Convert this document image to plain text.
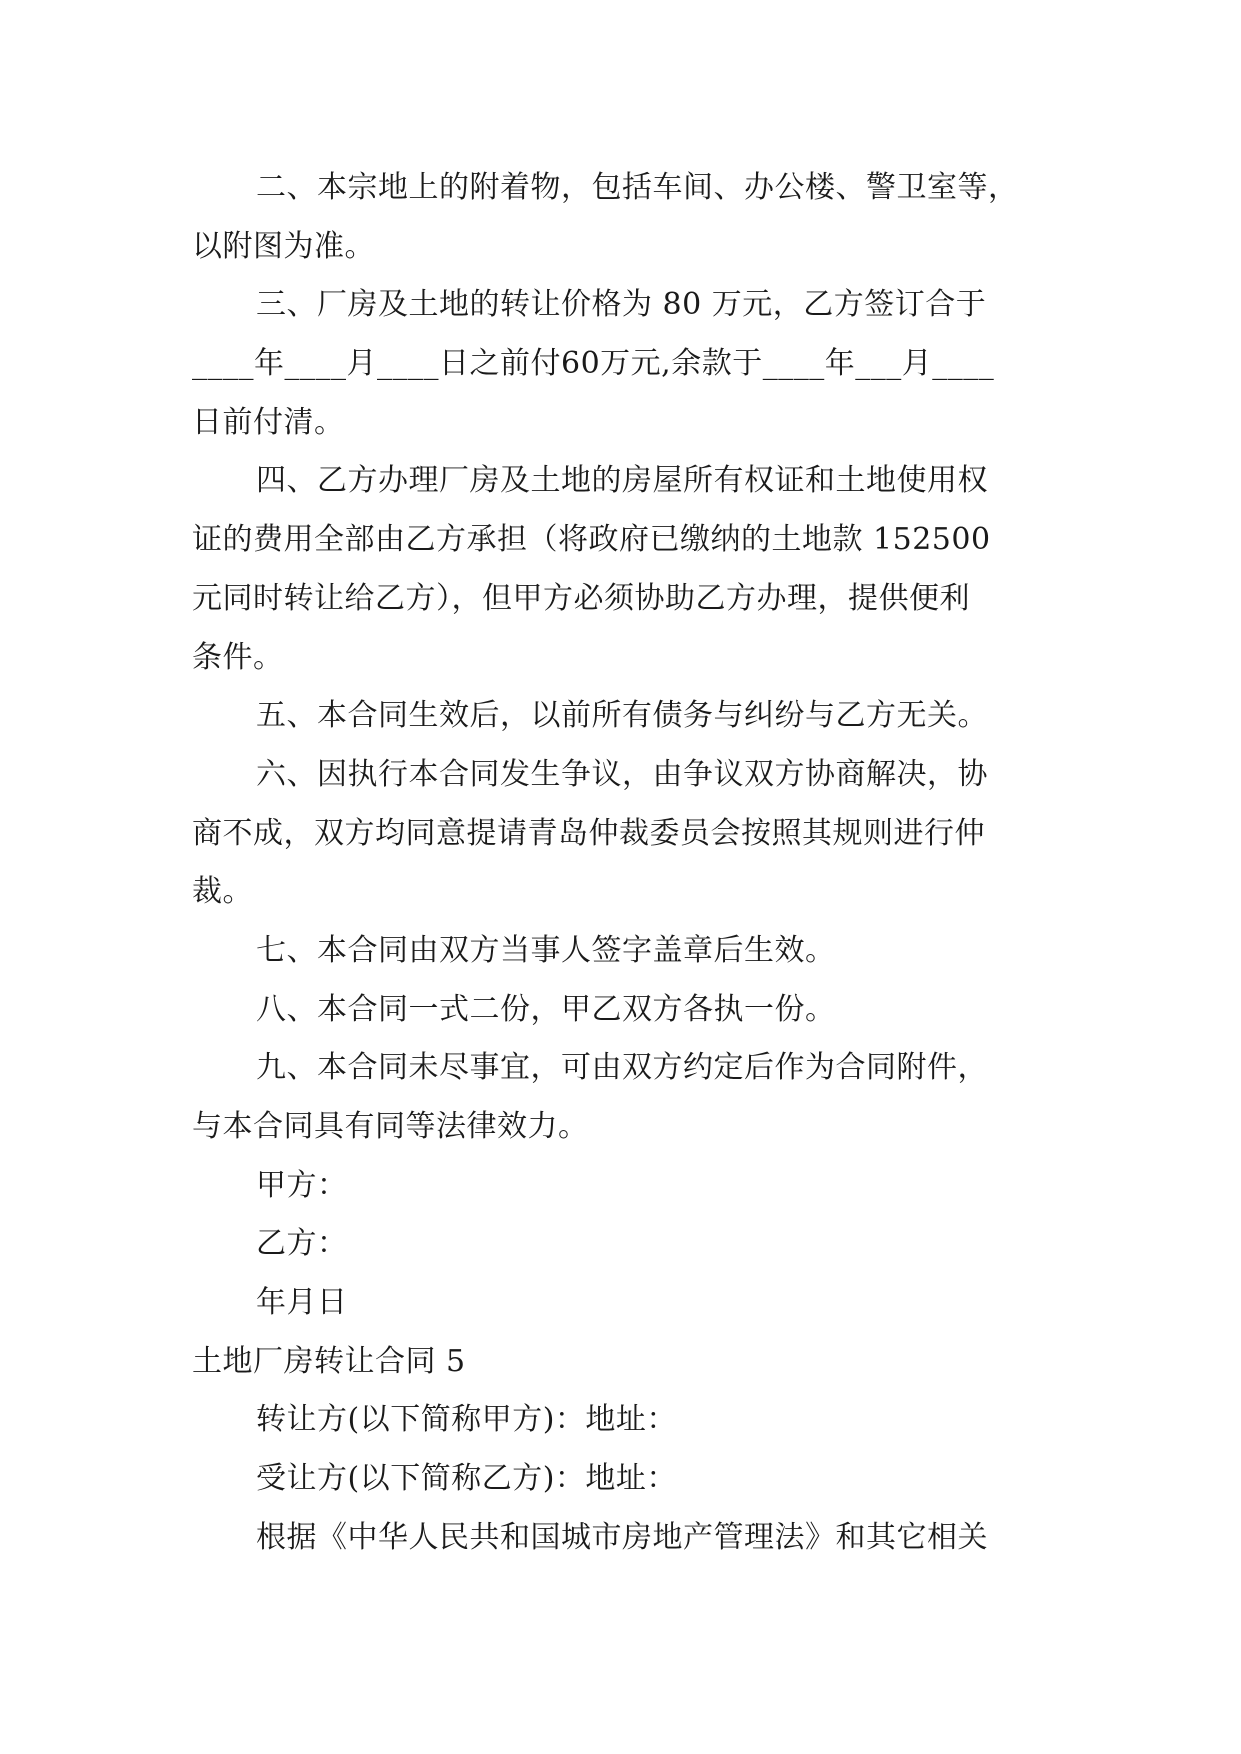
二、本宗地上的附着物，包括车间、办公楼、警卫室等，
以附图为准。
三、厂房及土地的转让价格为 80 万元，乙方签订合于
____年____月____日之前付60万元,余款于____年___月____
日前付清。
四、乙方办理厂房及土地的房屋所有权证和土地使用权
证的费用全部由乙方承担（将政府已缴纳的土地款 152500
元同时转让给乙方），但甲方必须协助乙方办理，提供便利
条件。
五、本合同生效后，以前所有债务与纠纷与乙方无关。
六、因执行本合同发生争议，由争议双方协商解决，协
商不成，双方均同意提请青岛仲裁委员会按照其规则进行仲
裁。
七、本合同由双方当事人签字盖章后生效。
八、本合同一式二份，甲乙双方各执一份。
九、本合同未尽事宜，可由双方约定后作为合同附件，
与本合同具有同等法律效力。
甲方：
乙方：
年月日
土地厂房转让合同 5
转让方(以下简称甲方)：地址：
受让方(以下简称乙方)：地址：
根据《中华人民共和国城市房地产管理法》和其它相关
